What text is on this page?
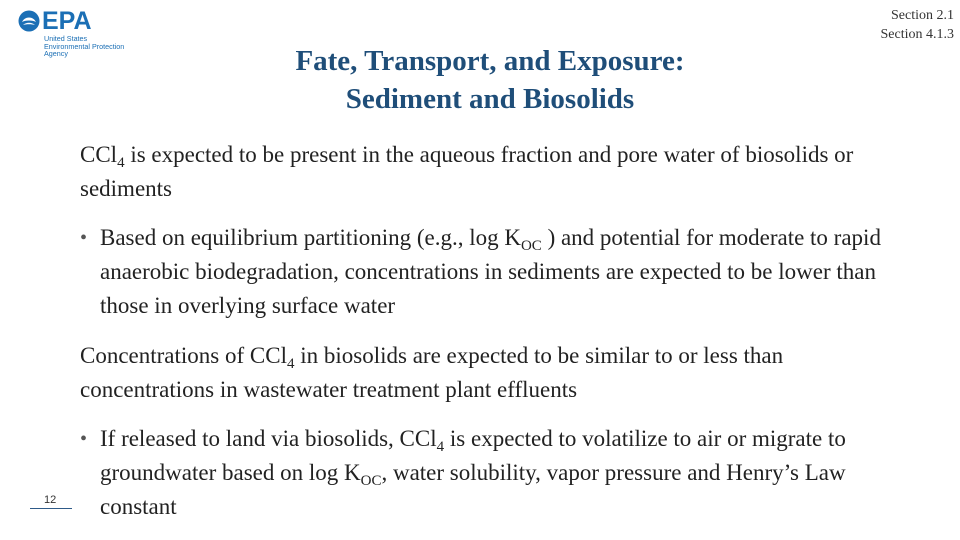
EPA
United States
Environmental Protection
Agency
Section 2.1
Section 4.1.3
Fate, Transport, and Exposure:
Sediment and Biosolids

CCl$_4$ is expected to be present in the aqueous fraction and pore water of biosolids or sediments

• Based on equilibrium partitioning (e.g., $\log K_{OC}$ ) and potential for moderate to rapid anaerobic biodegradation, concentrations in sediments are expected to be lower than those in overlying surface water

Concentrations of CCl$_4$ in biosolids are expected to be similar to or less than concentrations in wastewater treatment plant effluents

• If released to land via biosolids, CCl$_4$ is expected to volatilize to air or migrate to groundwater based on $\log K_{OC}$, water solubility, vapor pressure and Henry’s Law constant
12
